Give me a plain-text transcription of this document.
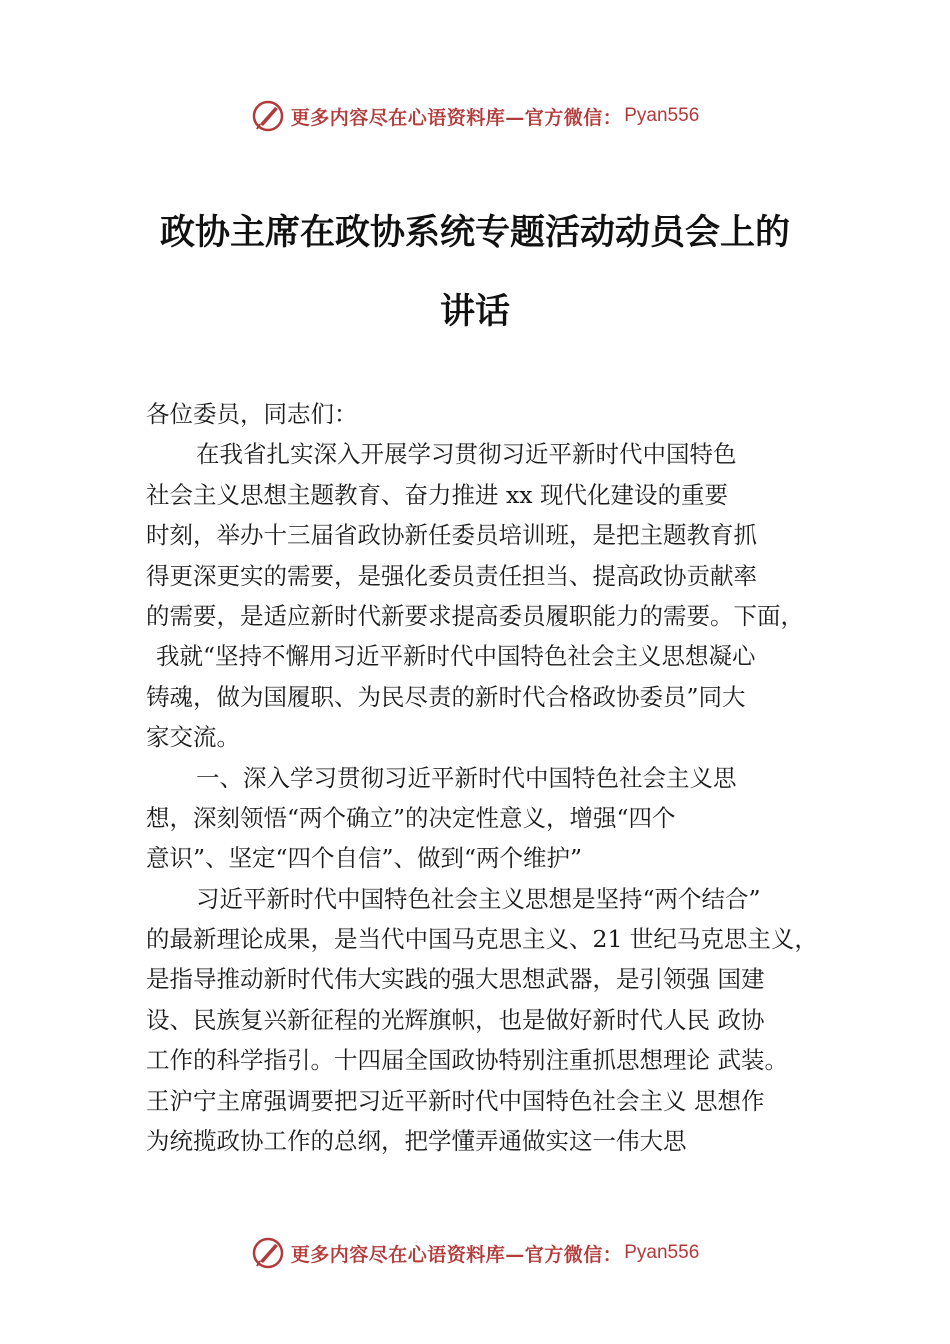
更多内容尽在心语资料库—官方微信： Pyan556
政协主席在政协系统专题活动动员会上的
讲话
各位委员，同志们：
在我省扎实深入开展学习贯彻习近平新时代中国特色
社会主义思想主题教育、奋力推进 xx 现代化建设的重要
时刻，举办十三届省政协新任委员培训班，是把主题教育抓
得更深更实的需要，是强化委员责任担当、提高政协贡献率
的需要，是适应新时代新要求提高委员履职能力的需要。下面，
我就“坚持不懈用习近平新时代中国特色社会主义思想凝心
铸魂，做为国履职、为民尽责的新时代合格政协委员”同大
家交流。
一、深入学习贯彻习近平新时代中国特色社会主义思
想，深刻领悟“两个确立”的决定性意义，增强“四个
意识”、坚定“四个自信”、做到“两个维护”
习近平新时代中国特色社会主义思想是坚持“两个结合”
的最新理论成果，是当代中国马克思主义、21 世纪马克思主义，
是指导推动新时代伟大实践的强大思想武器，是引领强 国建
设、民族复兴新征程的光辉旗帜，也是做好新时代人民 政协
工作的科学指引。十四届全国政协特别注重抓思想理论 武装。
王沪宁主席强调要把习近平新时代中国特色社会主义 思想作
为统揽政协工作的总纲，把学懂弄通做实这一伟大思
更多内容尽在心语资料库—官方微信： Pyan556
